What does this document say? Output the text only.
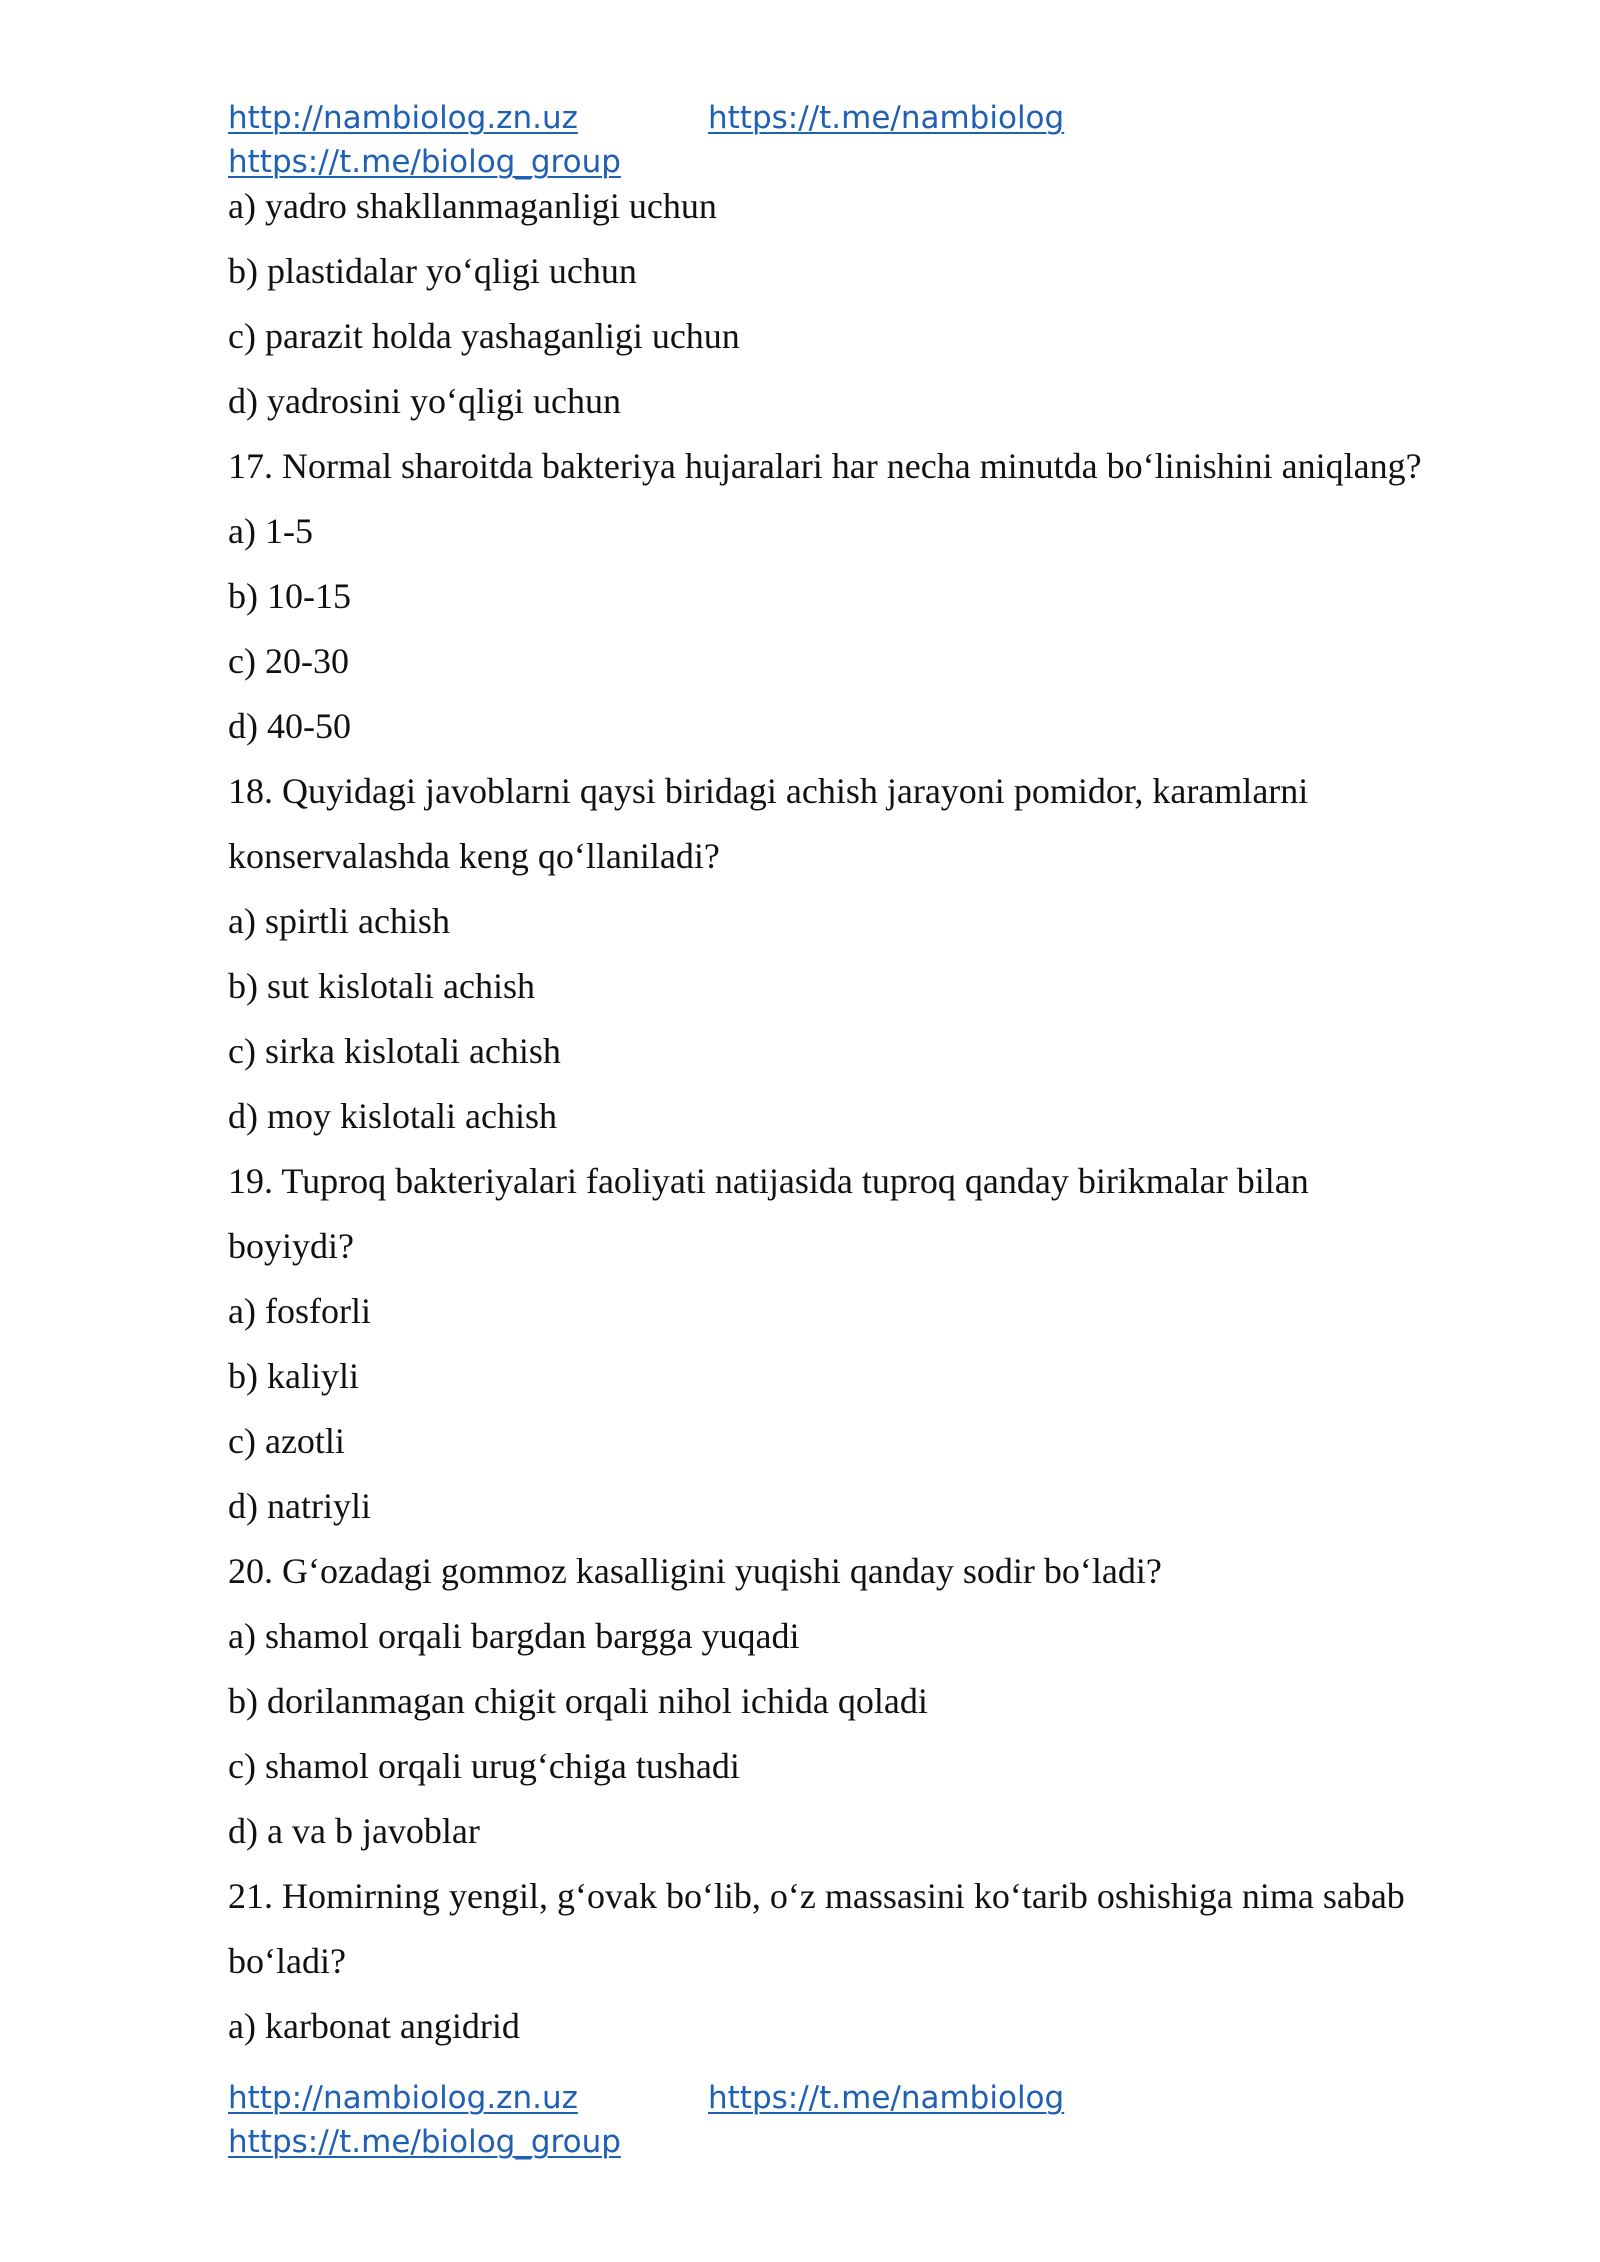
http://nambiolog.zn.uz	https://t.me/nambiolog
https://t.me/biolog_group
a) yadro shakllanmaganligi uchun
b) plastidalar yo‘qligi uchun
c) parazit holda yashaganligi uchun
d) yadrosini yo‘qligi uchun
17. Normal sharoitda bakteriya hujaralari har necha minutda bo‘linishini aniqlang?
a) 1-5
b) 10-15
c) 20-30
d) 40-50
18. Quyidagi javoblarni qaysi biridagi achish jarayoni pomidor, karamlarni
konservalashda keng qo‘llaniladi?
a) spirtli achish
b) sut kislotali achish
c) sirka kislotali achish
d) moy kislotali achish
19. Tuproq bakteriyalari faoliyati natijasida tuproq qanday birikmalar bilan
boyiydi?
a) fosforli
b) kaliyli
c) azotli
d) natriyli
20. G‘ozadagi gommoz kasalligini yuqishi qanday sodir bo‘ladi?
a) shamol orqali bargdan bargga yuqadi
b) dorilanmagan chigit orqali nihol ichida qoladi
c) shamol orqali urug‘chiga tushadi
d) a va b javoblar
21. Homirning yengil, g‘ovak bo‘lib, o‘z massasini ko‘tarib oshishiga nima sabab
bo‘ladi?
a) karbonat angidrid
http://nambiolog.zn.uz	https://t.me/nambiolog
https://t.me/biolog_group
